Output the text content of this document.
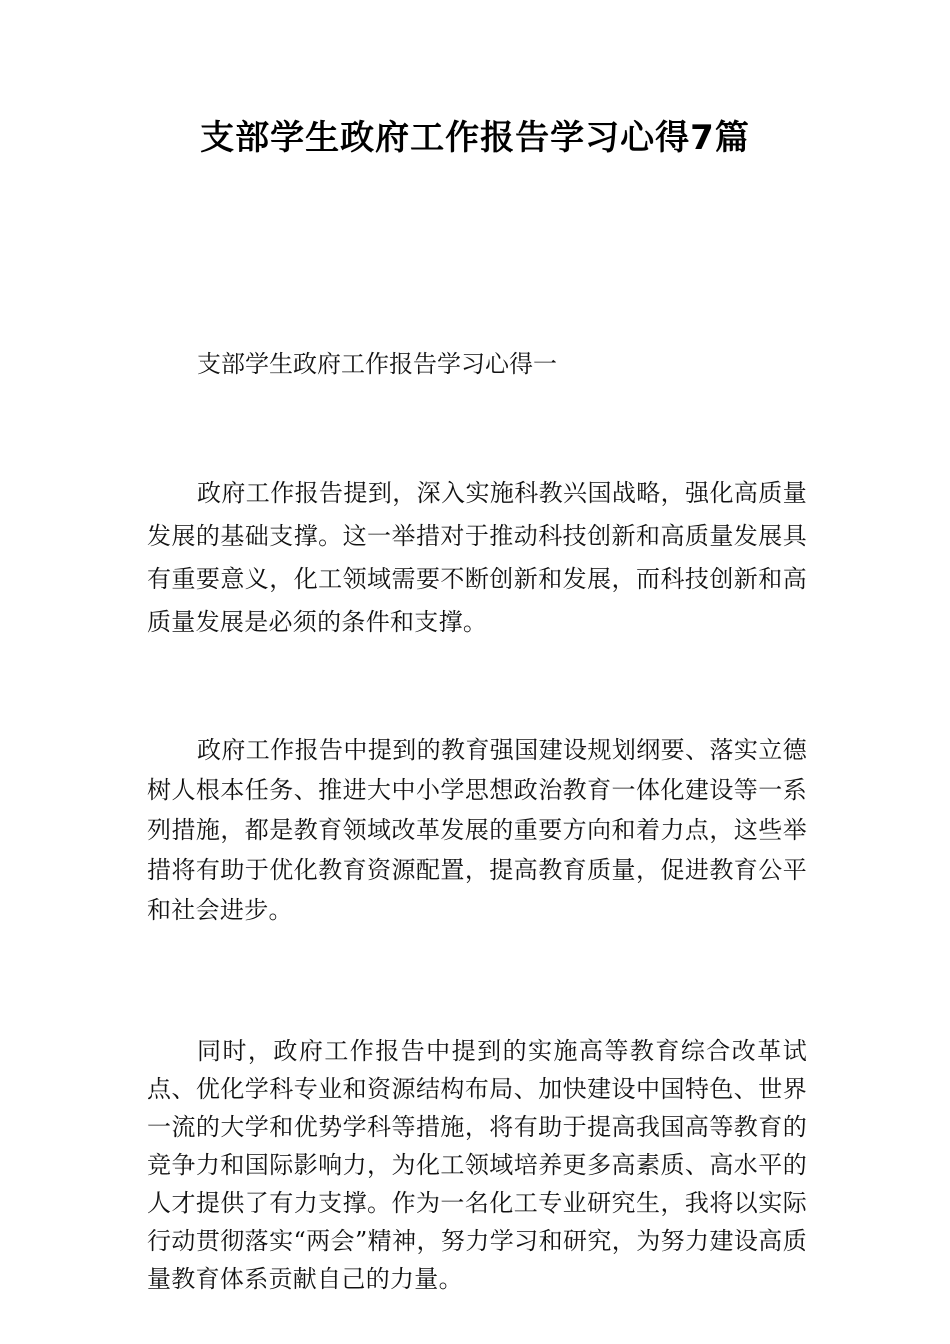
支部学生政府工作报告学习心得7篇
支部学生政府工作报告学习心得一

政府工作报告提到，深入实施科教兴国战略，强化高质量发展的基础支撑。这一举措对于推动科技创新和高质量发展具有重要意义，化工领域需要不断创新和发展，而科技创新和高质量发展是必须的条件和支撑。

政府工作报告中提到的教育强国建设规划纲要、落实立德树人根本任务、推进大中小学思想政治教育一体化建设等一系列措施，都是教育领域改革发展的重要方向和着力点，这些举措将有助于优化教育资源配置，提高教育质量，促进教育公平和社会进步。

同时，政府工作报告中提到的实施高等教育综合改革试点、优化学科专业和资源结构布局、加快建设中国特色、世界一流的大学和优势学科等措施，将有助于提高我国高等教育的竞争力和国际影响力，为化工领域培养更多高素质、高水平的人才提供了有力支撑。作为一名化工专业研究生，我将以实际行动贯彻落实“两会”精神，努力学习和研究，为努力建设高质量教育体系贡献自己的力量。
